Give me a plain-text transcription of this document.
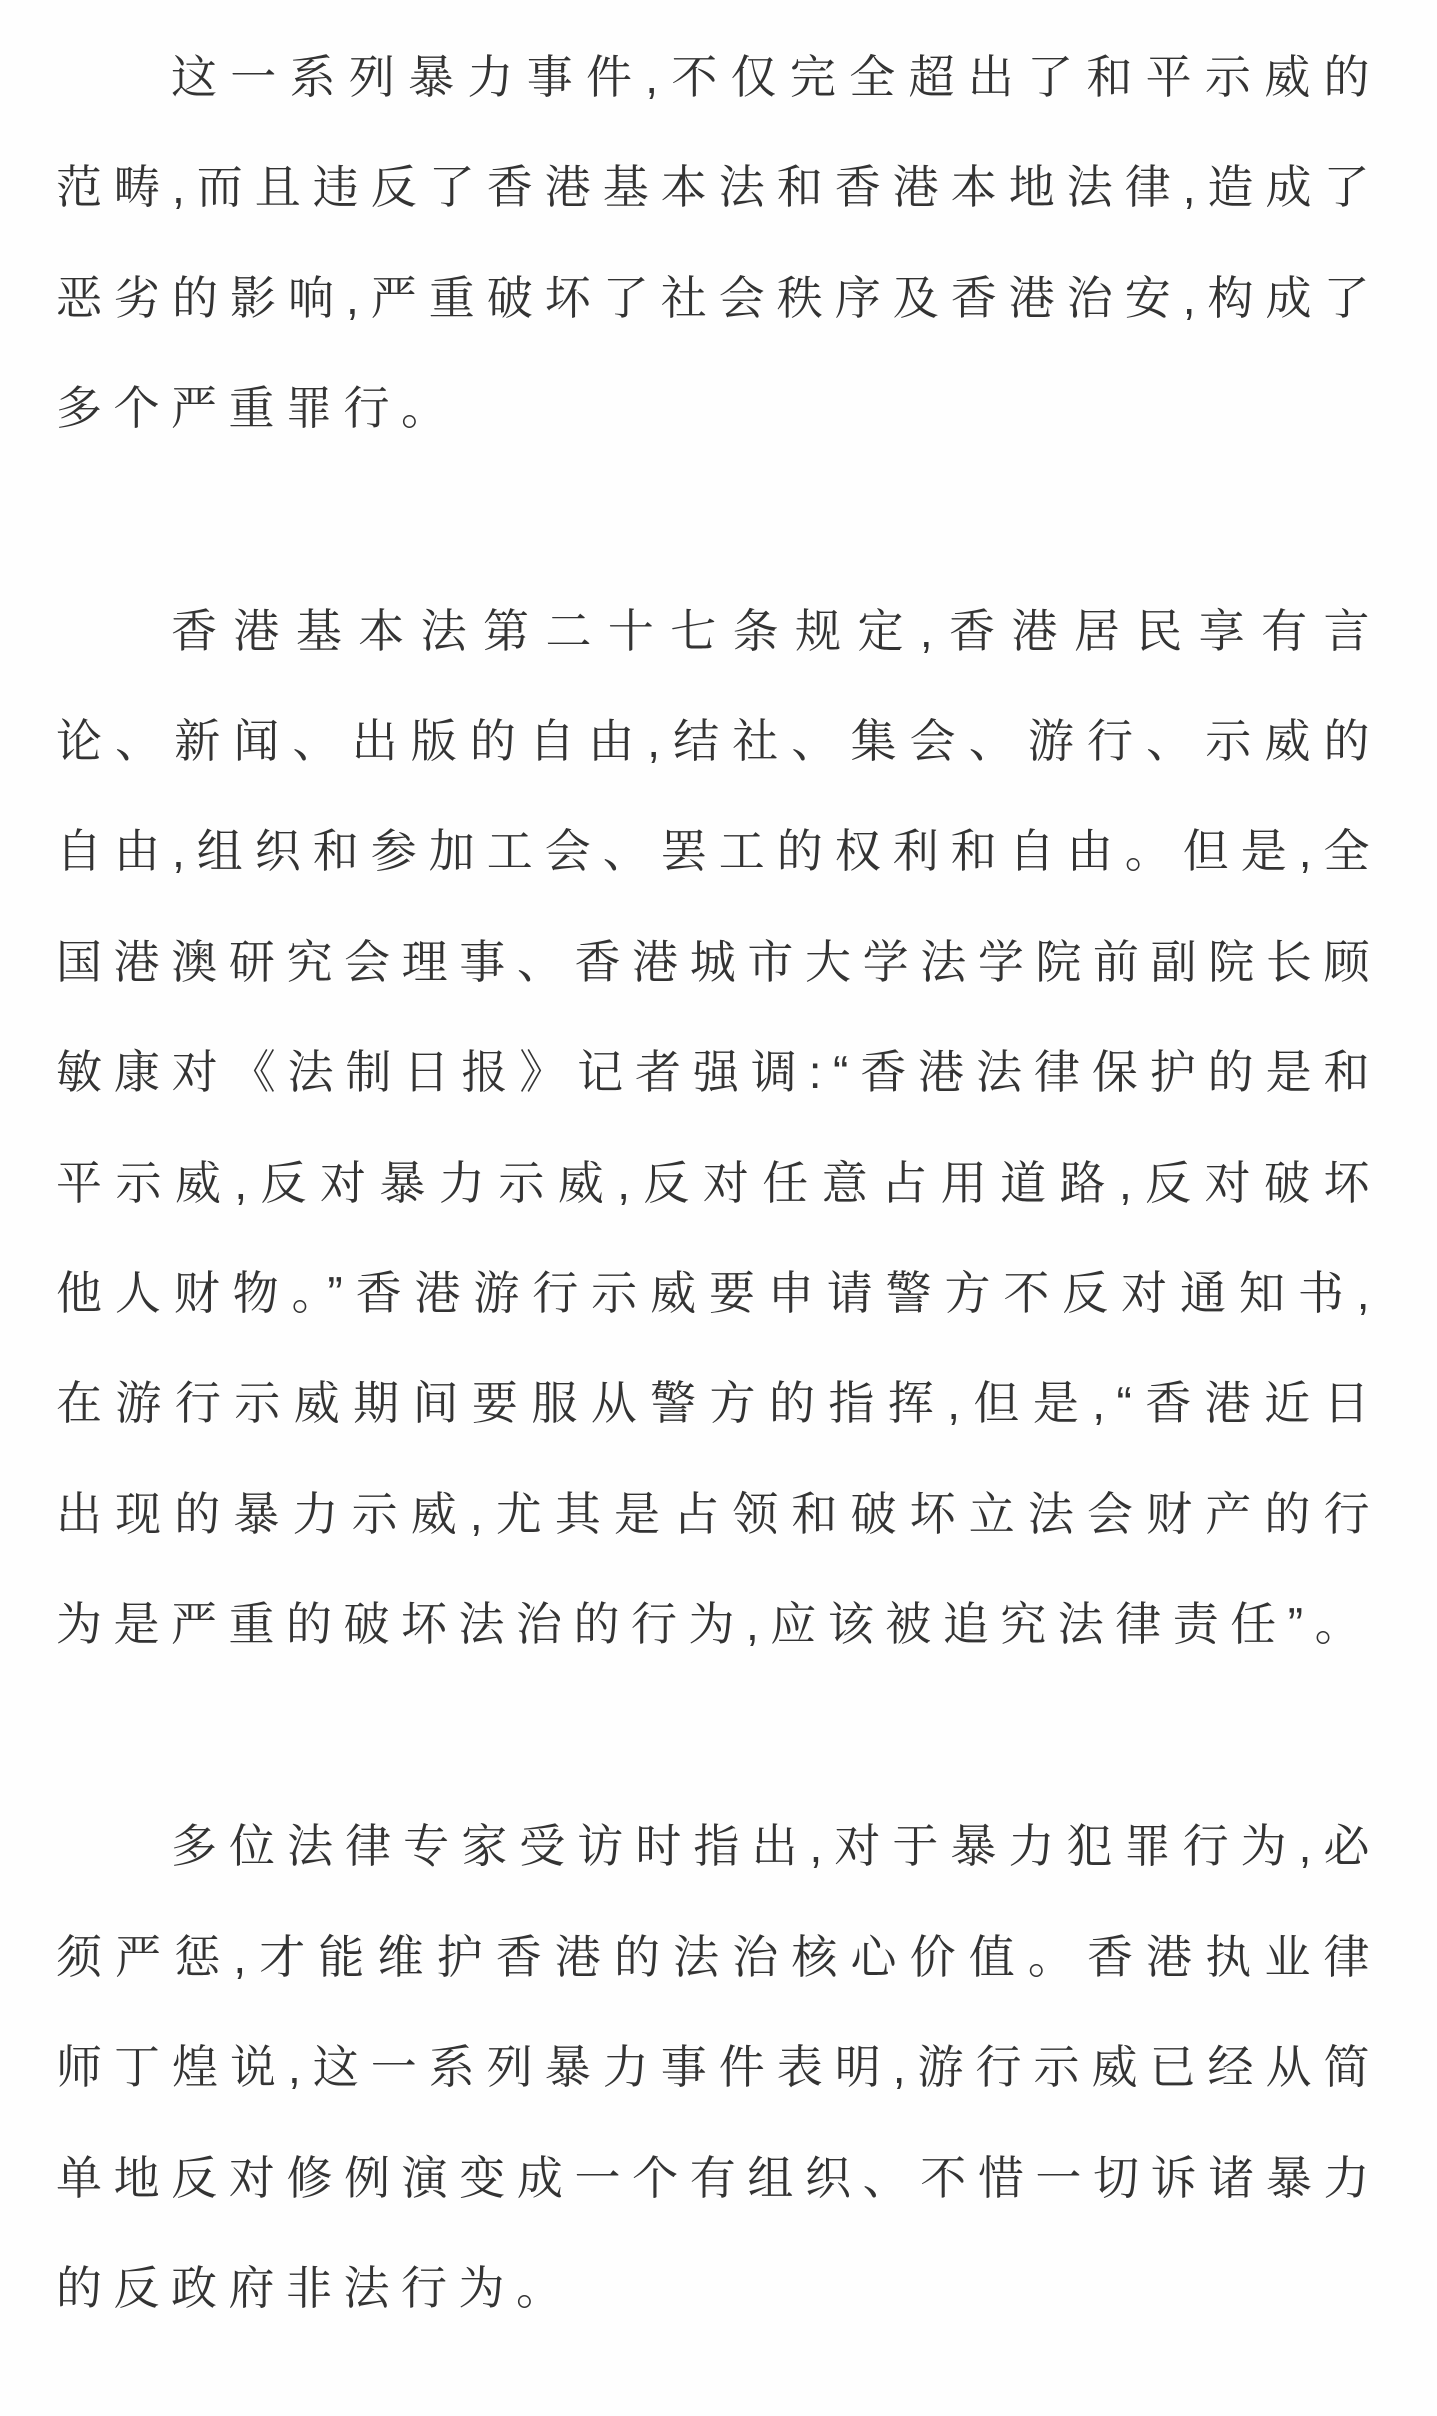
这一系列暴力事件,不仅完全超出了和平示威的范畴,而且违反了香港基本法和香港本地法律,造成了恶劣的影响,严重破坏了社会秩序及香港治安,构成了多个严重罪行。

香港基本法第二十七条规定,香港居民享有言论、新闻、出版的自由,结社、集会、游行、示威的自由,组织和参加工会、罢工的权利和自由。但是,全国港澳研究会理事、香港城市大学法学院前副院长顾敏康对《法制日报》记者强调:“香港法律保护的是和平示威,反对暴力示威,反对任意占用道路,反对破坏他人财物。”香港游行示威要申请警方不反对通知书,在游行示威期间要服从警方的指挥,但是,“香港近日出现的暴力示威,尤其是占领和破坏立法会财产的行为是严重的破坏法治的行为,应该被追究法律责任”。

多位法律专家受访时指出,对于暴力犯罪行为,必须严惩,才能维护香港的法治核心价值。香港执业律师丁煌说,这一系列暴力事件表明,游行示威已经从简单地反对修例演变成一个有组织、不惜一切诉诸暴力的反政府非法行为。
